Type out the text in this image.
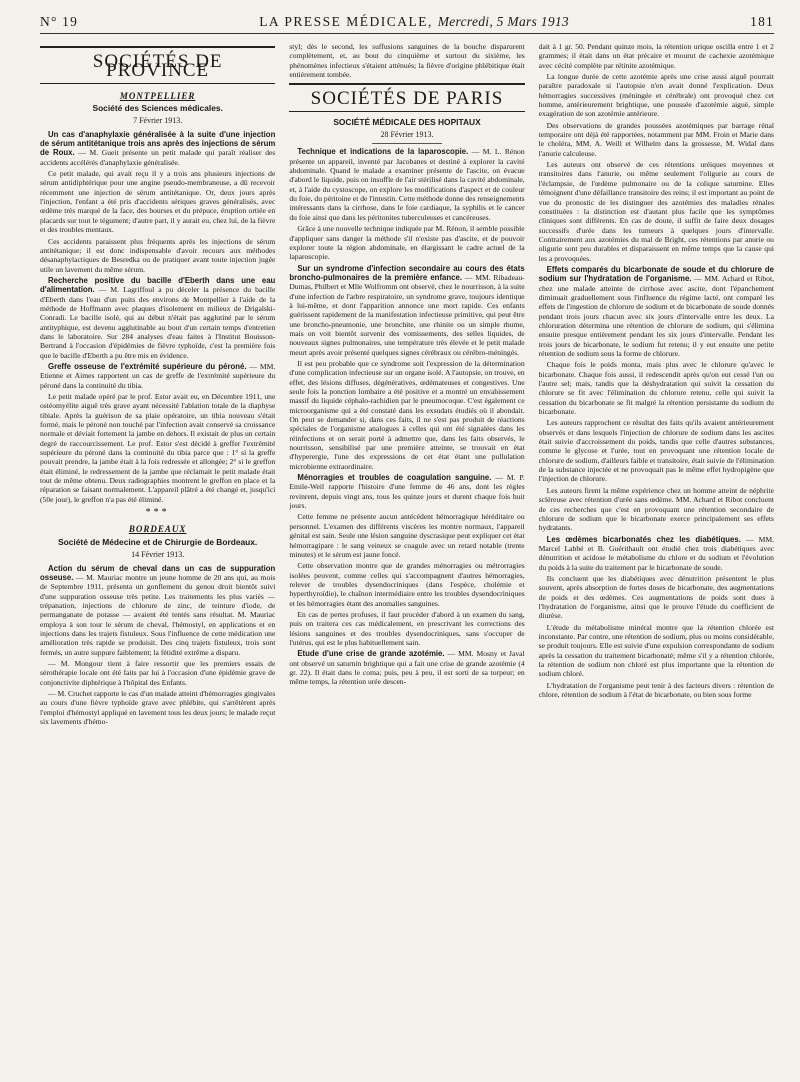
N° 19	LA PRESSE MÉDICALE, Mercredi, 5 Mars 1913	181
SOCIÉTÉS DE PROVINCE
MONTPELLIER
Société des Sciences médicales.
7 Février 1913.

Un cas d'anaphylaxie généralisée à la suite d'une injection de sérum antitétanique trois ans après des injections de sérum de Roux. — M. Gueit présente un petit malade qui paraît réaliser des accidents accélérés d'anaphylaxie généralisée.

Ce petit malade, qui avait reçu il y a trois ans plusieurs injections de sérum antidiphtérique pour une angine pseudo-membraneuse, a dû recevoir récemment une injection de sérum antitétanique. Or, deux jours après l'injection, l'enfant a été pris d'accidents sériques graves généralisés, avec œdème très marqué de la face, des bourses et du prépuce, éruption ortiée en placards sur tout le tégument; d'autre part, il y aurait eu, chez lui, de la fièvre et des troubles mentaux.

Ces accidents paraissent plus fréquents après les injections de sérum antitétanique; il est donc indispensable d'avoir recours aux méthodes désanaphylactiques de Besredka ou de pratiquer avant toute injection jugée utile un lavement du même sérum.

Recherche positive du bacille d'Eberth dans une eau d'alimentation. — M. Lagriffoul a pu déceler la présence du bacille d'Eberth dans l'eau d'un puits des environs de Montpellier à l'aide de la méthode de Hoffmann avec plaques d'isolement en milieux de Drigalski-Conradi. Le bacille isolé, qui au début n'était pas agglutiné par le sérum antityphique, est devenu agglutinable au bout d'un certain temps d'entretien dans le laboratoire. Sur 284 analyses d'eau faites à l'Institut Bouisson-Bertrand à l'occasion d'épidémies de fièvre typhoïde, c'est la première fois que le bacille d'Eberth a pu être mis en évidence.

Greffe osseuse de l'extrémité supérieure du péroné. — MM. Etienne et Aimes rapportent un cas de greffe de l'extrémité supérieure du péroné dans la continuité du tibia.

Le petit malade opéré par le prof. Estor avait eu, en Décembre 1911, une ostéomyélite aiguë très grave ayant nécessité l'ablation totale de la diaphyse tibiale. Après la guérison de sa plaie opératoire, un tibia nouveau s'était formé, mais le péroné non touché par l'infection avait conservé sa croissance normale et déviait fortement la jambe en dehors. Il existait de plus un certain degré de raccourcissement. Le prof. Estor s'est décidé à greffer l'extrémité supérieure du péroné dans la continuité du tibia parce que : 1° si la greffe pouvait prendre, la jambe était à la fois redressée et allongée; 2° si le greffon était éliminé, le redressement de la jambe que réclamait le petit malade était tout de même obtenu. Deux radiographies montrent le greffon en place et la réparation se faisant normalement. L'appareil plâtré a été changé et, jusqu'ici (50e jour), le greffon n'a pas été éliminé.

***
BORDEAUX
Société de Médecine et de Chirurgie de Bordeaux.
14 Février 1913.

Action du sérum de cheval dans un cas de suppuration osseuse. — M. Mauriac montre un jeune homme de 20 ans qui, au mois de Septembre 1911, présenta un gonflement du genou droit bientôt suivi d'une suppuration osseuse très petite. Les traitements les plus variés — trépanation, injections de chlorure de zinc, de teinture d'iode, de permanganate de potasse — avaient été tentés sans résultat. M. Mauriac employa à son tour le sérum de cheval, l'hémostyl, en applications et en injections dans les trajets fistuleux. Sous l'influence de cette médication une amélioration très rapide se produisit. Des cinq trajets fistuleux, trois sont fermés, un autre suppure faiblement; la fétidité extrême a disparu.

— M. Mongour tient à faire ressortir que les premiers essais de sérothérapie locale ont été faits par lui à l'occasion d'une épidémie grave de conjonctivite diphtérique à l'hôpital des Enfants.

— M. Cruchet rapporte le cas d'un malade atteint d'hémorragies gingivales au cours d'une fièvre typhoïde grave avec phlébite, qui s'arrêtèrent après l'emploi d'hémostyl appliqué en lavement tous les deux jours; le malade reçut six lavements d'hémo-

styl; dès le second, les suffusions sanguines de la bouche disparurent complètement, et, au bout du cinquième et surtout du sixième, les phénomènes infectieux s'étaient atténués; la fièvre d'origine phlébitique était entièrement tombée.

SOCIÉTÉS DE PARIS
SOCIÉTÉ MÉDICALE DES HOPITAUX
28 Février 1913.

Technique et indications de la laparoscopie. — M. L. Rénon présente un appareil, inventé par Jacobanes et destiné à explorer la cavité abdominale. Quand le malade a examiner présente de l'ascite, on évacue d'abord le liquide, puis on insuffle de l'air stérilisé dans la cavité abdominale, et, à l'aide du cystoscope, on explore les modifications d'aspect et de couleur du foie, du péritoine et de l'intestin. Cette méthode donne des renseignements intéressants dans la cirrhose, dans le foie cardiaque, la syphilis et le cancer du foie ainsi que dans les péritonites tuberculeuses et cancéreuses.

Grâce à une nouvelle technique indiquée par M. Rénon, il semble possible d'appliquer sans danger la méthode s'il n'existe pas d'ascite, et de pouvoir explorer toute la région abdominale, en élargissant le cadre actuel de la laparoscopie.

Sur un syndrome d'infection secondaire au cours des états broncho-pulmonaires de la première enfance. — MM. Ribadeau-Dumas, Philbert et Mlle Wolfromm ont observé, chez le nourrisson, à la suite d'une infection de l'arbre respiratoire, un syndrome grave, toujours identique à lui-même, et dont l'apparition annonce une mort rapide. Ces enfants guérissent rapidement de la manifestation infectieuse primitive, qui peut être une broncho-pneumonie, une bronchite, une rhinite ou un simple rhume, mais on voit bientôt survenir des vomissements, des selles liquides, de nouveaux signes pulmonaires, une température très élevée et le petit malade meurt après avoir présenté quelques signes cérébraux ou cérébro-méningés.

Il est peu probable que ce syndrome soit l'expression de la détermination d'une complication infectieuse sur un organe isolé. A l'autopsie, on trouve, en effet, des lésions diffuses, dégénératives, œdémateuses et congestives. Une seule fois la ponction lombaire a été positive et a montré un envahissement massif du liquide céphalo-rachidien par le pneumocoque. C'est également ce microorganisme qui a été constaté dans les exsudats étudiés où il abondait. On peut se demander si, dans ces faits, il ne s'est pas produit de réactions spéciales de l'organisme analogues à celles qui ont été signalées dans les réinfections et on serait porté à admettre que, dans les faits observés, le nourrisson, sensibilisé par une première atteinte, se trouvait en état d'hyperergie, l'une des expressions de cet état étant une pullulation microbienne extraordinaire.

Ménorragies et troubles de coagulation sanguine. — M. P. Emile-Weil rapporte l'histoire d'une femme de 46 ans, dont les règles revinrent, depuis vingt ans, tous les quinze jours et durent chaque fois huit jours.

Cette femme ne présente aucun antécédent hémorragique héréditaire ou personnel. L'examen des différents viscères les montre normaux, l'appareil génital est sain. Seule une lésion sanguine dyscrasique peut expliquer cet état hémorragipare : le sang veineux se coagule avec un retard notable (trente minutes) et le sérum est jaune foncé.

Cette observation montre que de grandes ménorragies ou métrorragies isolées peuvent, comme celles qui s'accompagnent d'autres hémorragies, relever de troubles dysendocriniques (dans l'espèce, cholémie et hyperthyroïdie), le chaînon intermédiaire entre les troubles dysendocriniques et les hémorragies étant des anomalies sanguines.

En cas de pertes profuses, il faut procéder d'abord à un examen du sang, puis on traitera ces cas médicalement, en prescrivant les corrections des lésions sanguines et des troubles dysendocriniques, sans s'occuper de l'utérus, qui est le plus habituellement sain.

Etude d'une crise de grande azotémie. — MM. Mosny et Javal ont observé un saturnin brightique qui a fait une crise de grande azotémie (4 gr. 22). Il était dans le coma; puis, peu à peu, il est sorti de sa torpeur; en même temps, la rétention urée descen-

dait à 1 gr. 50. Pendant quinze mois, la rétention urique oscilla entre 1 et 2 grammes; il était dans un état précaire et mourut de cachexie azotémique avec cécité complète par rétinite azotémique.

La longue durée de cette azotémie après une crise aussi aiguë pourrait paraître paradoxale si l'autopsie n'en avait donné l'explication. Deux hémorragies successives (méningée et cérébrale) ont provoqué chez cet homme, antérieurement brightique, une poussée d'azotémie aiguë, simple exagération de son azotémie antérieure.

Des observations de grandes poussées azotémiques par barrage rénal temporaire ont déjà été rapportées, notamment par MM. Froin et Marie dans le choléra, MM. A. Weill et Wilhelm dans la grossesse, M. Widal dans l'anurie calculeuse.

Les auteurs ont observé de ces rétentions uréiques moyennes et transitoires dans l'anurie, ou même seulement l'oligurie au cours de l'éclampsie, de l'œdème pulmonaire ou de la colique saturnine. Elles témoignent d'une défaillance transitoire des reins; il est important au point de vue du pronostic de les distinguer des azotémies des maladies rénales constituées : la distinction est d'autant plus facile que les symptômes cliniques sont différents. En cas de doute, il suffit de faire deux dosages successifs d'urée dans les tumeurs à quelques jours d'intervalle. Contrairement aux azotémies du mal de Bright, ces rétentions par anurie ou oligurie sont peu durables et disparaissent en même temps que la cause qui les a provoquées.

Effets comparés du bicarbonate de soude et du chlorure de sodium sur l'hydratation de l'organisme. — MM. Achard et Ribot, chez une malade atteinte de cirrhose avec ascite, dont l'épanchement diminuait graduellement sous l'influence du régime lacté, ont comparé les effets de l'ingestion de chlorure de sodium et de bicarbonate de soude donnés pendant trois jours chacun avec six jours d'intervalle entre les deux. La chloruration détermina une rétention de chlorure de sodium, qui s'élimina ensuite presque entièrement pendant les six jours d'intervalle. Pendant les trois jours de bicarbonate, le sodium fut retenu; il y eut ensuite une petite rétention de sodium sous la forme de chlorure.

Chaque fois le poids monta, mais plus avec le chlorure qu'avec le bicarbonate. Chaque fois aussi, il redescendit après qu'on eut cessé l'un ou l'autre sel; mais, tandis que la déshydratation qui suivit la cessation du chlorure se fit avec l'élimination du chlorure retenu, celle qui suivit la cessation du bicarbonate se fit malgré la rétention persistante du sodium du bicarbonate.

Les auteurs rapprochent ce résultat des faits qu'ils avaient antérieurement observés et dans lesquels l'injection de chlorure de sodium dans les ascites était suivie d'accroissement du poids, tandis que celle d'autres substances, comme le glycose et l'urée, tout en provoquant une rétention locale de chlorure de sodium, d'ailleurs faible et transitoire, était suivie de l'élimination de la substance injectée et ne provoquait pas le même effet hydropigène que l'injection de chlorure.

Les auteurs firent la même expérience chez un homme atteint de néphrite scléreuse avec rétention d'urée sans œdème. MM. Achard et Ribot concluent de ces recherches que c'est en provoquant une rétention secondaire de chlorure de sodium que le bicarbonate exerce principalement ses effets hydratants.

Les œdèmes bicarbonatés chez les diabétiques. — MM. Marcel Labbé et B. Guérithault ont étudié chez trois diabétiques avec dénutrition et acidose le métabolisme du chlore et du sodium et l'évolution du poids à la suite du traitement par le bicarbonate de soude.

Ils concluent que les diabétiques avec dénutrition présentent le plus souvent, après absorption de fortes doses de bicarbonate, des augmentations de poids et des œdèmes. Ces augmentations de poids sont dues à l'hydratation de l'organisme, ainsi que le prouve l'étude du coefficient de diurèse.

L'étude du métabolisme minéral montre que la rétention chlorée est inconstante. Par contre, une rétention de sodium, plus ou moins considérable, se produit toujours. Elle est suivie d'une expulsion correspondante de sodium après la cessation du traitement bicarbonaté; même s'il y a rétention chlorée, la rétention de sodium non chloré est plus importante que la rétention de sodium chloré.

L'hydratation de l'organisme peut tenir à des facteurs divers : rétention de chlore, rétention de sodium à l'état de bicarbonate, ou bien sous forme
